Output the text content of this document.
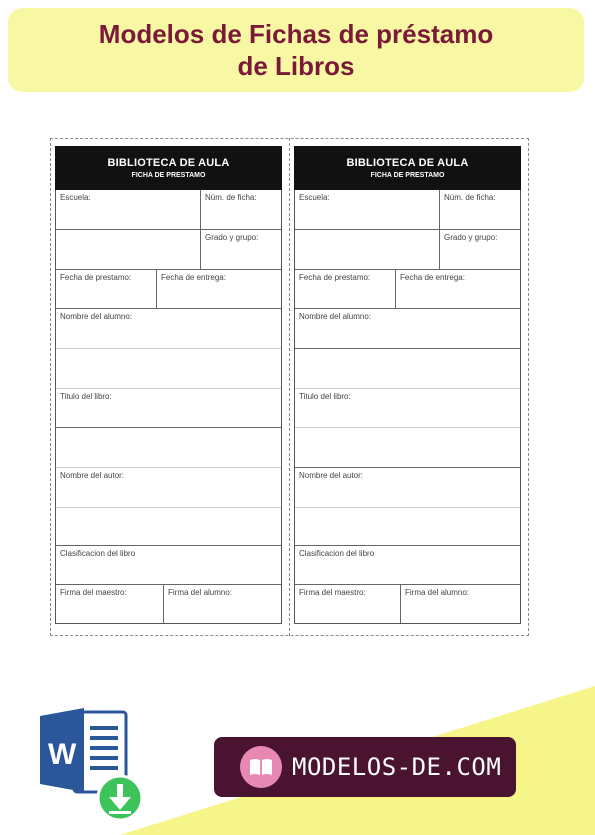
Modelos de Fichas de préstamo
de Libros
BIBLIOTECA DE AULA
FICHA DE PRESTAMO
Escuela:	Núm. de ficha:
Grado y grupo:
Fecha de prestamo:	Fecha de entrega:
Nombre del alumno:
Titulo del libro:
Nombre del autor:
Clasificacion del libro
Firma del maestro:	Firma del alumno:
BIBLIOTECA DE AULA
FICHA DE PRESTAMO
Escuela:	Núm. de ficha:
Grado y grupo:
Fecha de prestamo:	Fecha de entrega:
Nombre del alumno:
Titulo del libro:
Nombre del autor:
Clasificacion del libro
Firma del maestro:	Firma del alumno:
W	MODELOS-DE.COM
